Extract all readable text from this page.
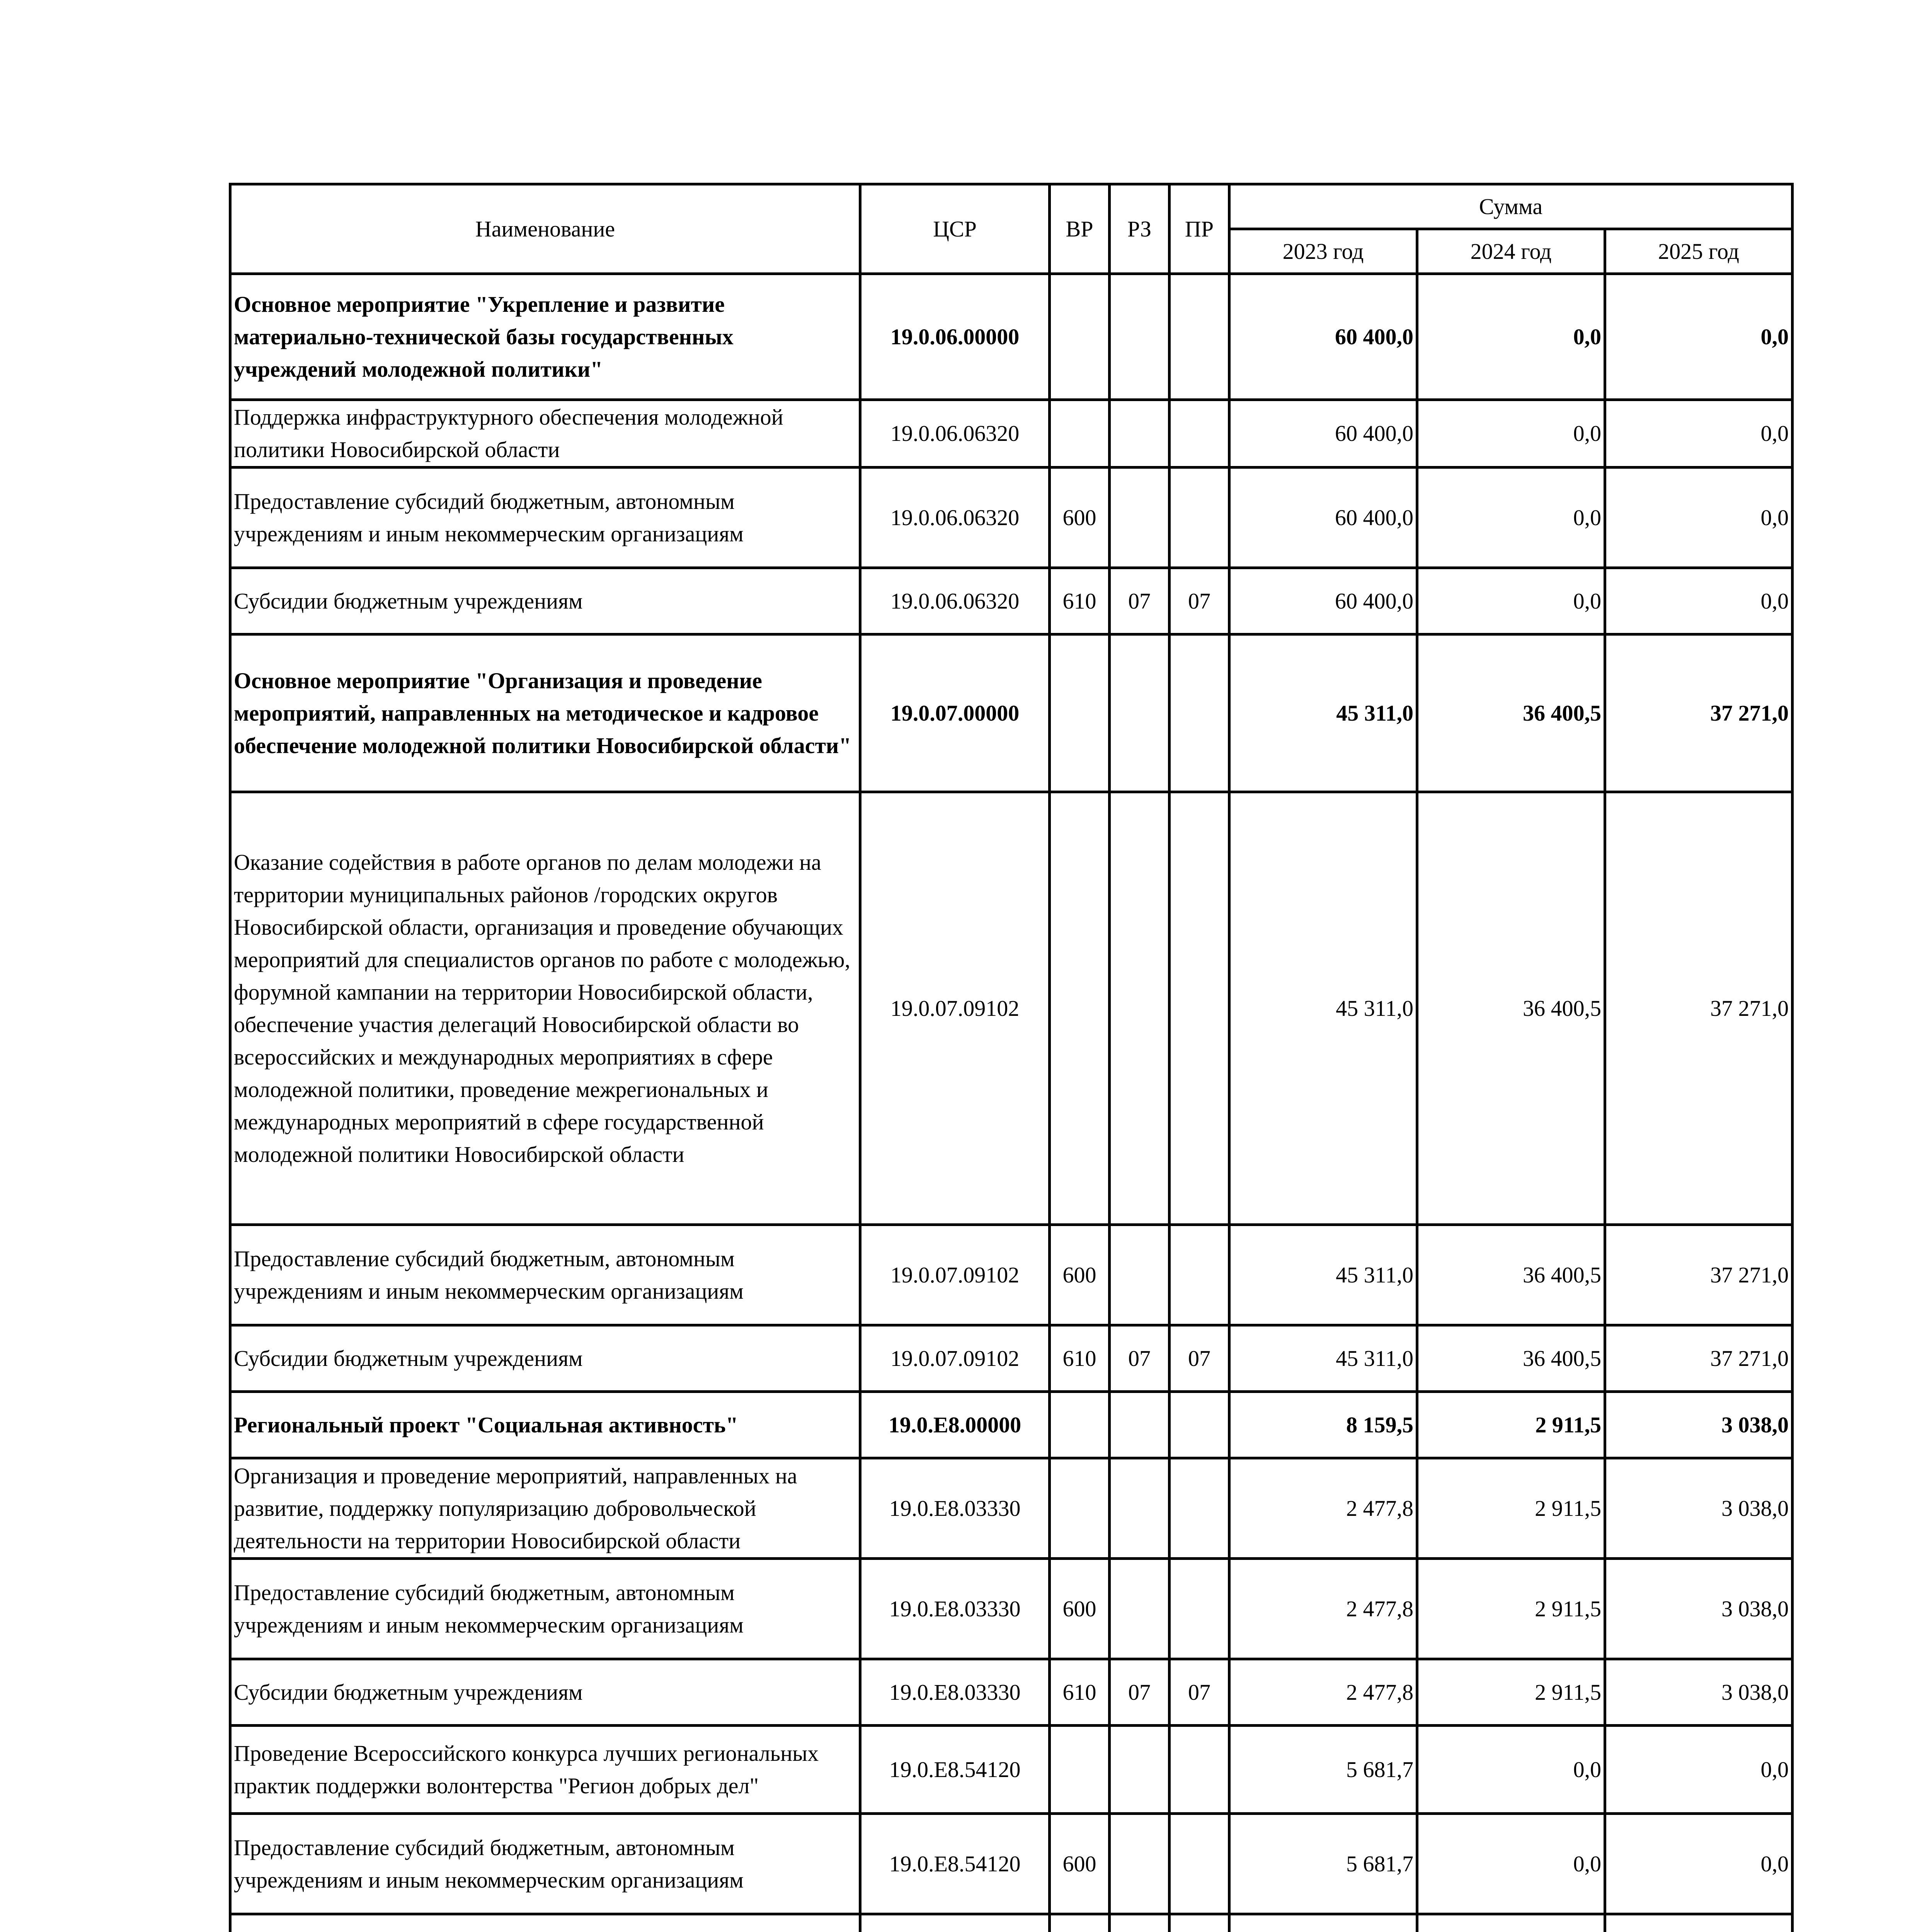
Наименование	ЦСР	ВР	РЗ	ПР	Сумма		
					2023 год	2024 год	2025 год
Основное мероприятие "Укрепление и развитие материально-технической базы государственных учреждений молодежной политики"	19.0.06.00000				60 400,0	0,0	0,0
Поддержка инфраструктурного обеспечения молодежной политики Новосибирской области	19.0.06.06320				60 400,0	0,0	0,0
Предоставление субсидий бюджетным, автономным учреждениям и иным некоммерческим организациям	19.0.06.06320	600			60 400,0	0,0	0,0
Субсидии бюджетным учреждениям	19.0.06.06320	610	07	07	60 400,0	0,0	0,0
Основное мероприятие "Организация и проведение мероприятий, направленных на методическое и кадровое обеспечение молодежной политики Новосибирской области"	19.0.07.00000				45 311,0	36 400,5	37 271,0
Оказание содействия в работе органов по делам молодежи на территории муниципальных районов /городских округов Новосибирской области, организация и проведение обучающих мероприятий для специалистов органов по работе с молодежью, форумной кампании на территории Новосибирской области, обеспечение участия делегаций Новосибирской области во всероссийских и международных мероприятиях в сфере молодежной политики, проведение межрегиональных и международных мероприятий в сфере государственной молодежной политики Новосибирской области	19.0.07.09102				45 311,0	36 400,5	37 271,0
Предоставление субсидий бюджетным, автономным учреждениям и иным некоммерческим организациям	19.0.07.09102	600			45 311,0	36 400,5	37 271,0
Субсидии бюджетным учреждениям	19.0.07.09102	610	07	07	45 311,0	36 400,5	37 271,0
Региональный проект "Социальная активность"	19.0.E8.00000				8 159,5	2 911,5	3 038,0
Организация и проведение мероприятий, направленных на развитие, поддержку популяризацию добровольческой деятельности на территории Новосибирской области	19.0.E8.03330				2 477,8	2 911,5	3 038,0
Предоставление субсидий бюджетным, автономным учреждениям и иным некоммерческим организациям	19.0.E8.03330	600			2 477,8	2 911,5	3 038,0
Субсидии бюджетным учреждениям	19.0.E8.03330	610	07	07	2 477,8	2 911,5	3 038,0
Проведение Всероссийского конкурса лучших региональных практик поддержки волонтерства "Регион добрых дел"	19.0.E8.54120				5 681,7	0,0	0,0
Предоставление субсидий бюджетным, автономным учреждениям и иным некоммерческим организациям	19.0.E8.54120	600			5 681,7	0,0	0,0
